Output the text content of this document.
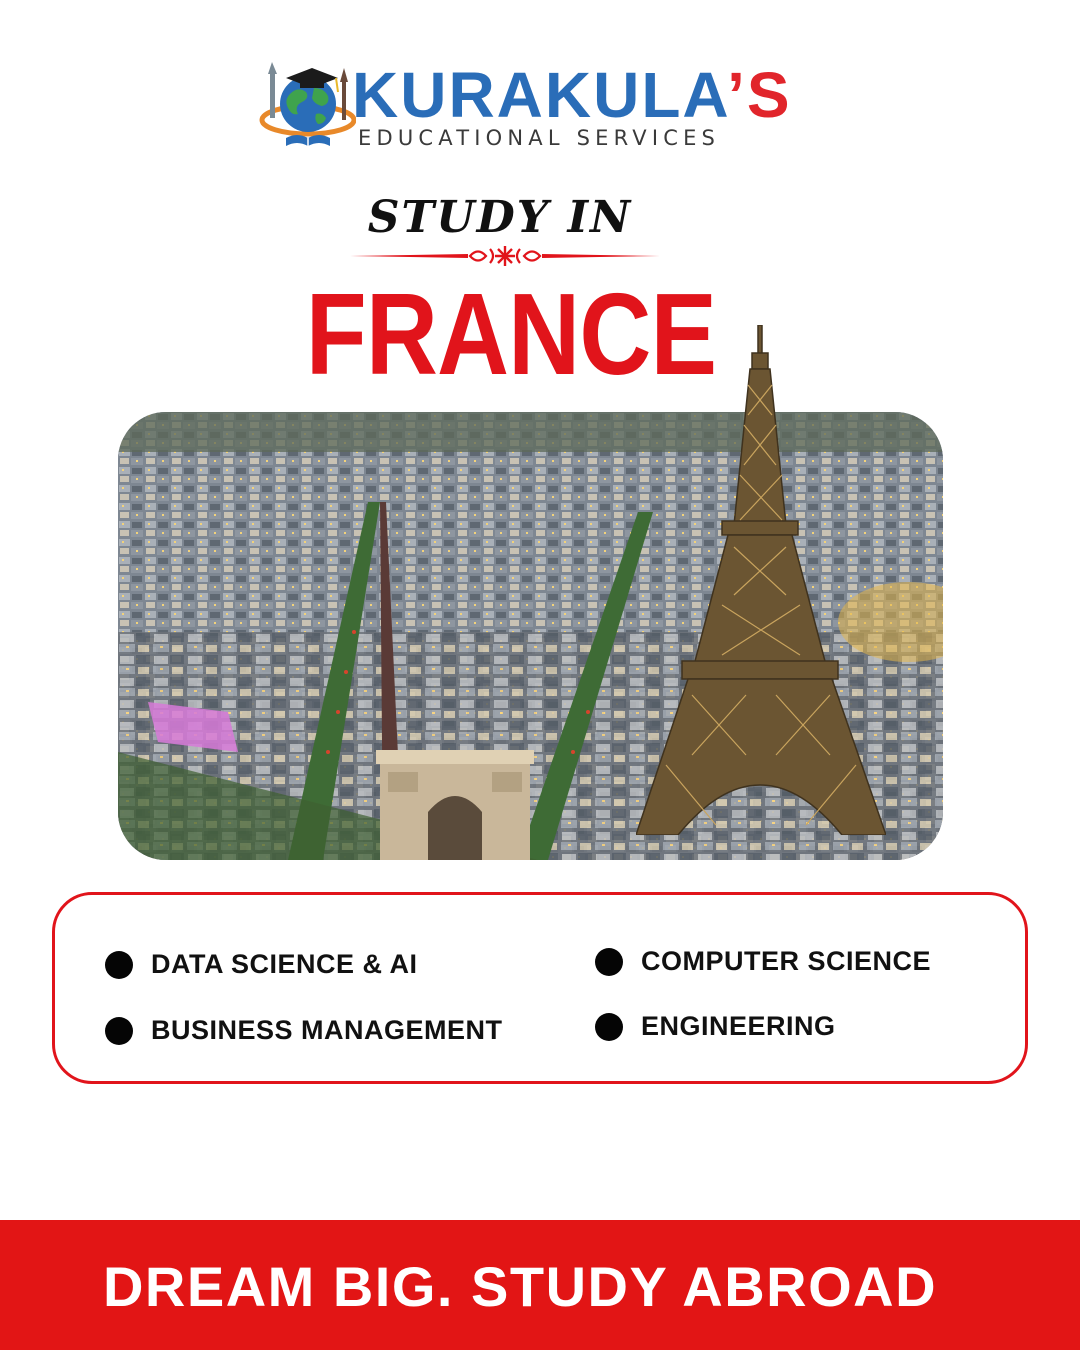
KURAKULA’S
EDUCATIONAL SERVICES
STUDY IN
FRANCE
DATA SCIENCE & AI	COMPUTER SCIENCE
BUSINESS MANAGEMENT	ENGINEERING
DREAM BIG. STUDY ABROAD
